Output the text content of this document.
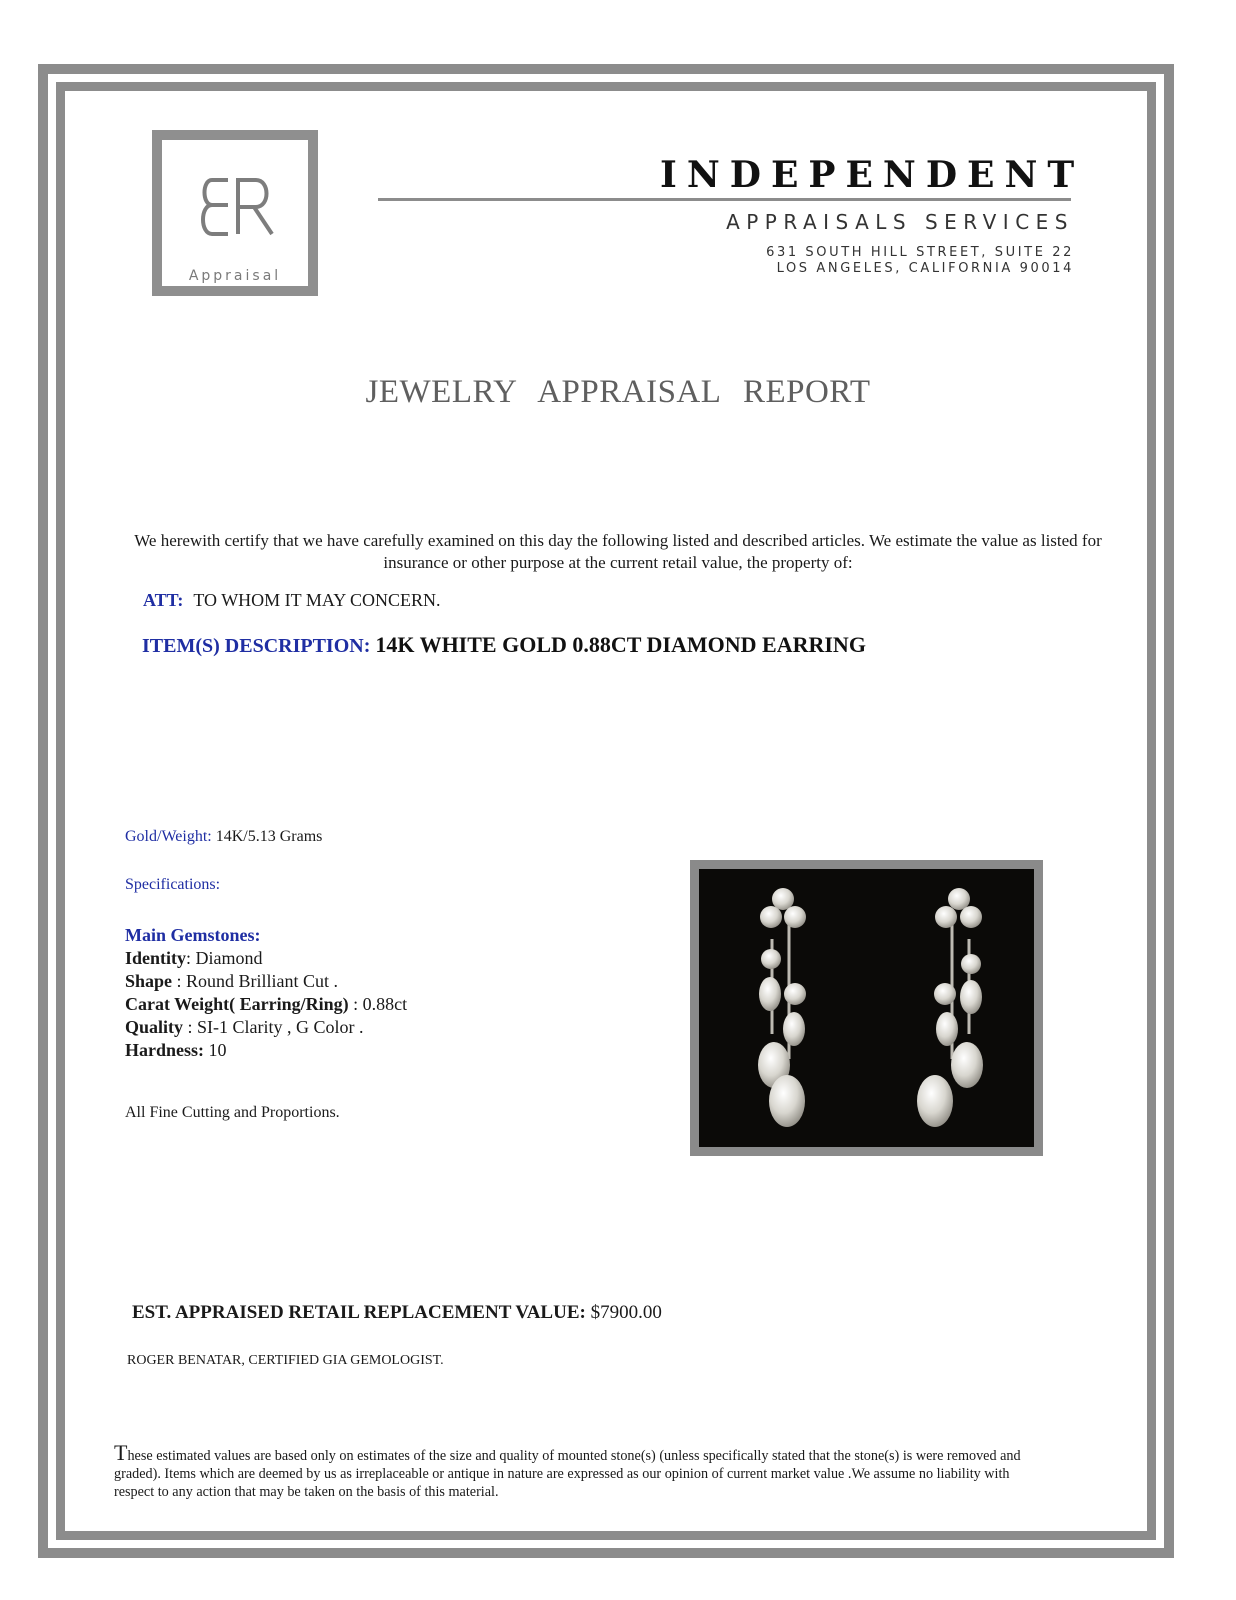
Appraisal
INDEPENDENT
APPRAISALS SERVICES
631 SOUTH HILL STREET, SUITE 22
LOS ANGELES, CALIFORNIA 90014
JEWELRY APPRAISAL REPORT
We herewith certify that we have carefully examined on this day the following listed and described articles. We estimate the value as listed for insurance or other purpose at the current retail value, the property of:
ATT: TO WHOM IT MAY CONCERN.
ITEM(S) DESCRIPTION: 14K WHITE GOLD 0.88CT DIAMOND EARRING
Gold/Weight: 14K/5.13 Grams
Specifications:
Main Gemstones:
Identity: Diamond
Shape : Round Brilliant Cut .
Carat Weight( Earring/Ring) : 0.88ct
Quality : SI-1 Clarity , G Color .
Hardness: 10
All Fine Cutting and Proportions.
EST. APPRAISED RETAIL REPLACEMENT VALUE: $7900.00
ROGER BENATAR, CERTIFIED GIA GEMOLOGIST.
These estimated values are based only on estimates of the size and quality of mounted stone(s) (unless specifically stated that the stone(s) is were removed and graded). Items which are deemed by us as irreplaceable or antique in nature are expressed as our opinion of current market value .We assume no liability with respect to any action that may be taken on the basis of this material.
